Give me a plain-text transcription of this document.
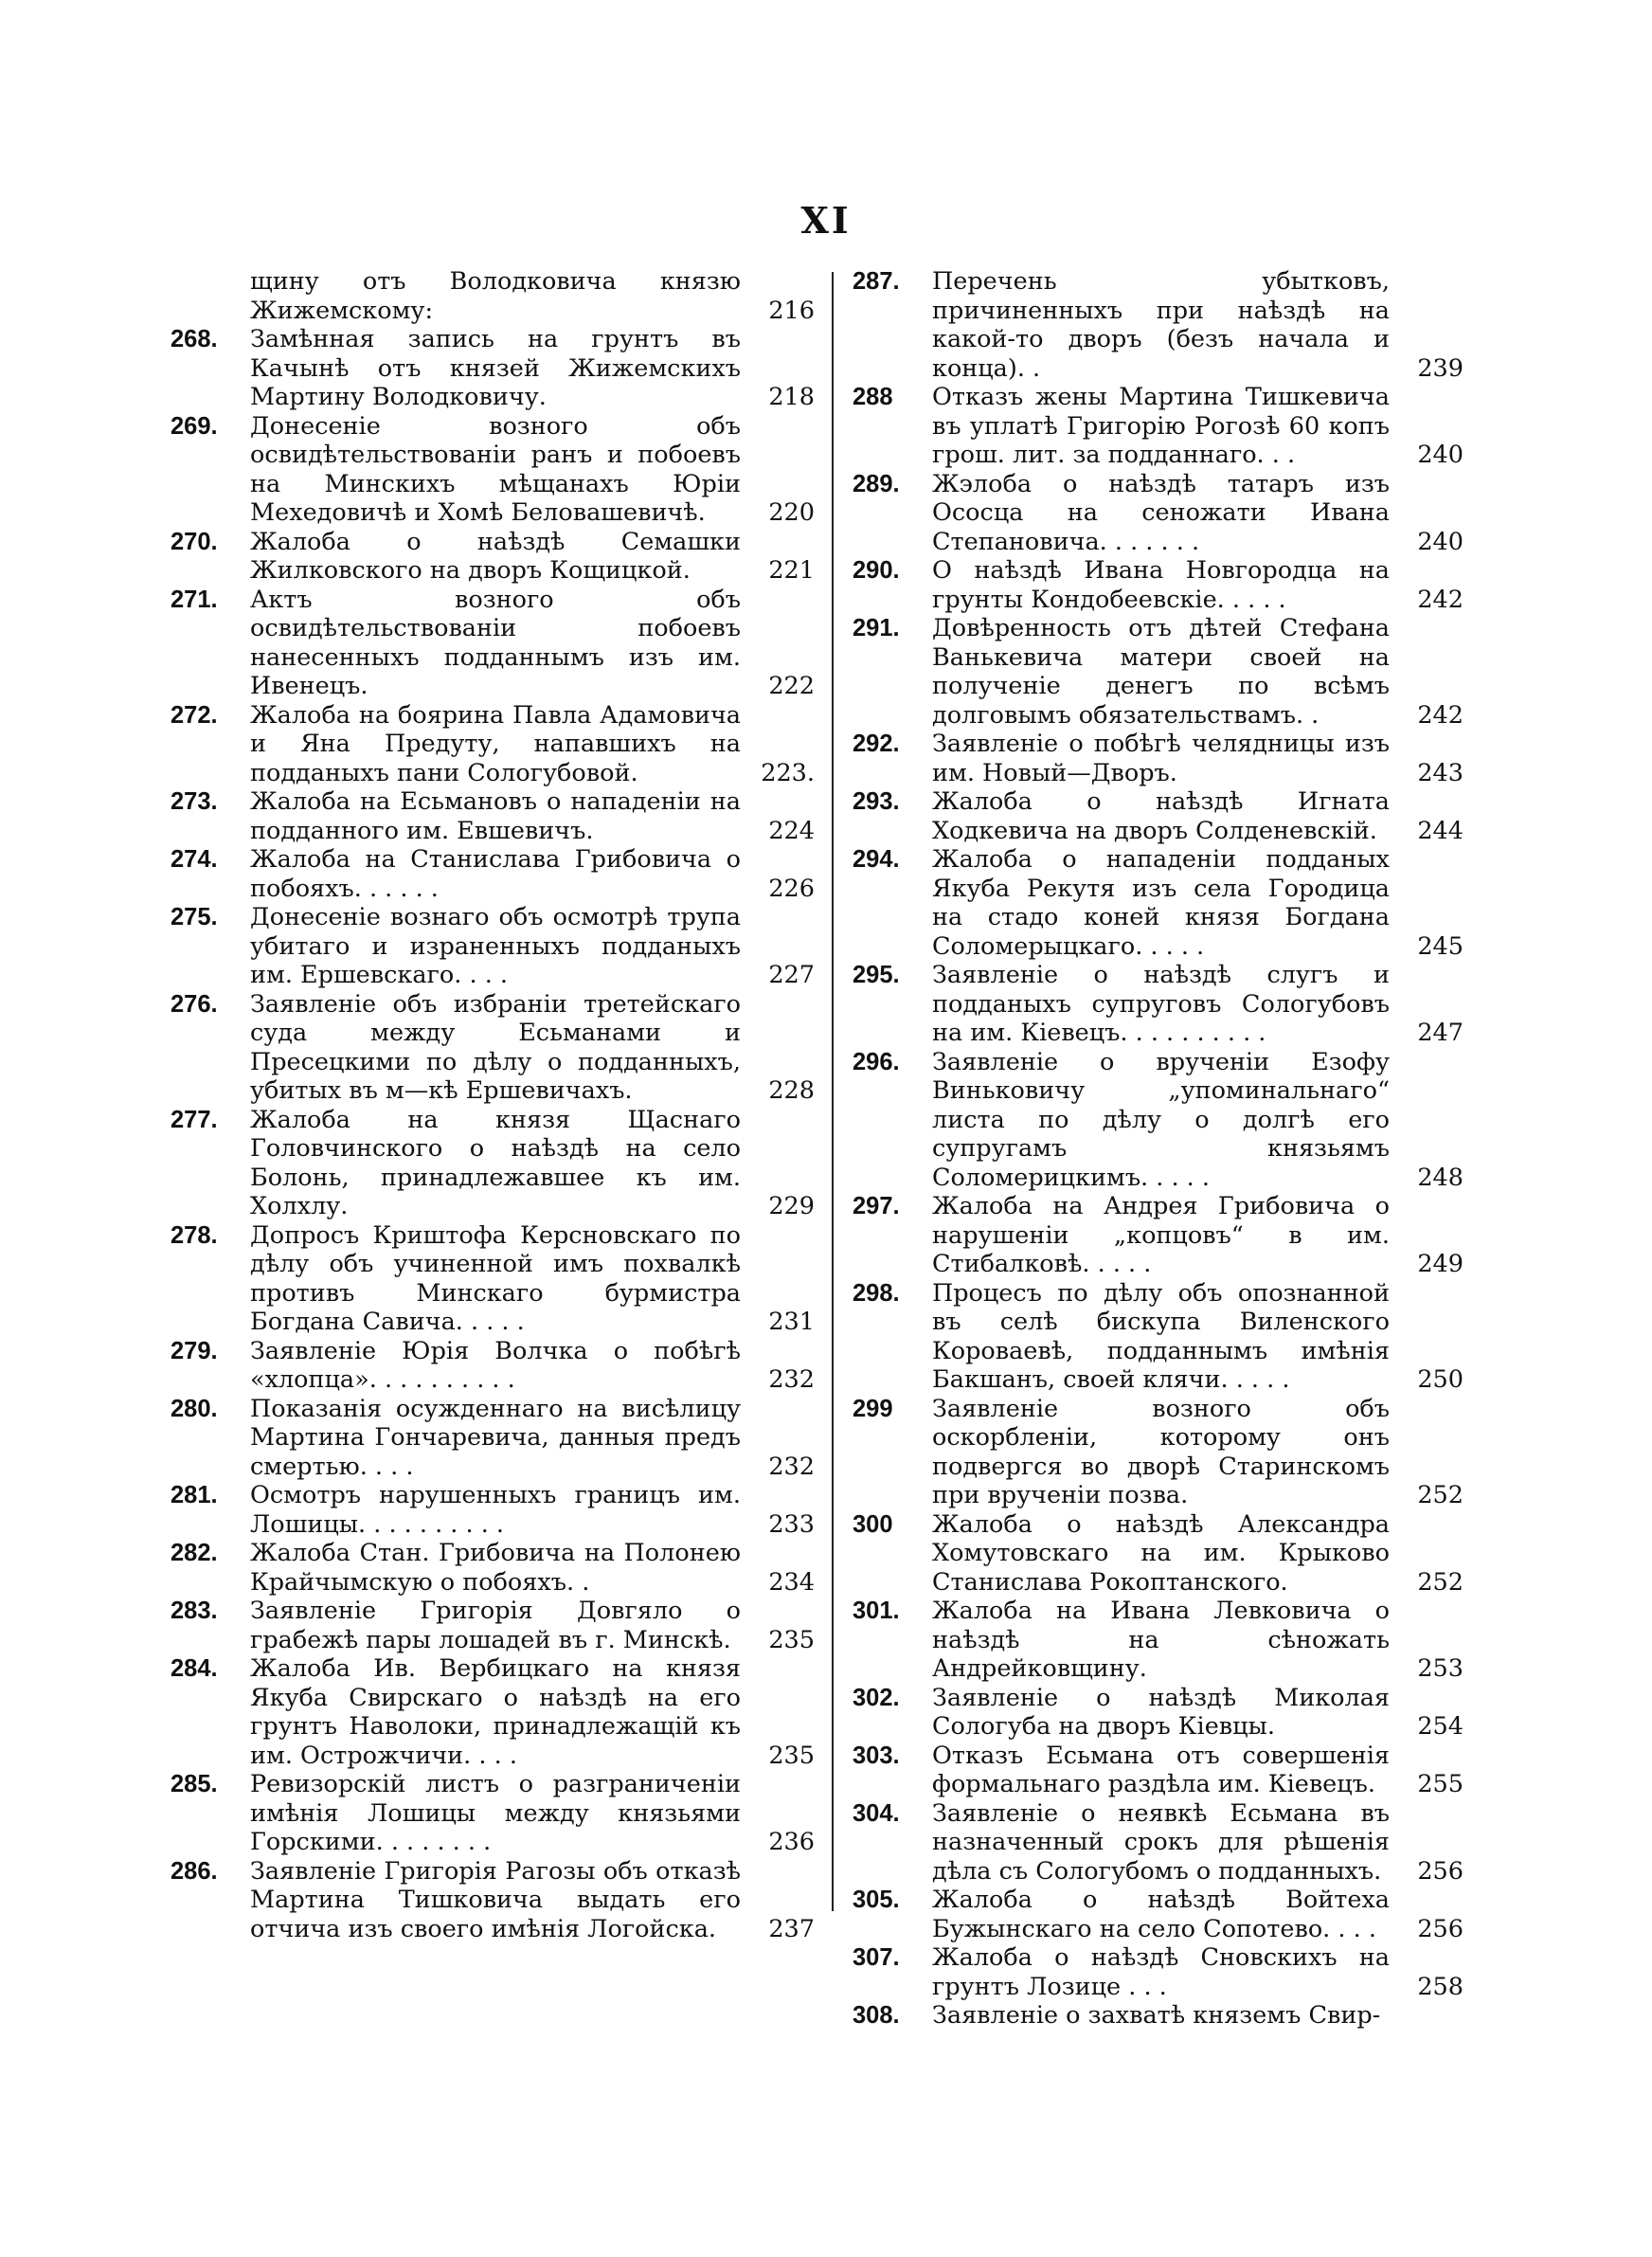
XI
щину отъ Володковича князю Жижемскому:	216
268.	Замѣнная запись на грунтъ въ Качынѣ отъ князей Жижемскихъ Мартину Володковичу.	218
269.	Донесеніе возного объ освидѣтельствованіи ранъ и побоевъ на Минскихъ мѣщанахъ Юріи Мехедовичѣ и Хомѣ Беловашевичѣ.	220
270.	Жалоба о наѣздѣ Семашки Жилковского на дворъ Кощицкой.	221
271.	Актъ возного объ освидѣтельствованіи побоевъ нанесенныхъ подданнымъ изъ им. Ивенецъ.	222
272.	Жалоба на боярина Павла Адамовича и Яна Предуту, напавшихъ на подданыхъ пани Сологубовой.	223.
273.	Жалоба на Есьмановъ о нападеніи на подданного им. Евшевичъ.	224
274.	Жалоба на Станислава Грибовича о побояхъ. . . . . .	226
275.	Донесеніе вознаго объ осмотрѣ трупа убитаго и израненныхъ подданыхъ им. Ершевскаго. . . .	227
276.	Заявленіе объ избраніи третейскаго суда между Есьманами и Пресецкими по дѣлу о подданныхъ, убитых въ м—кѣ Ершевичахъ.	228
277.	Жалоба на князя Щаснаго Головчинского о наѣздѣ на село Болонь, принадлежавшее къ им. Холхлу.	229
278.	Допросъ Криштофа Керсновскаго по дѣлу объ учиненной имъ похвалкѣ противъ Минскаго бурмистра Богдана Савича. . . . .	231
279.	Заявленіе Юрія Волчка о побѣгѣ «хлопца». . . . . . . . . .	232
280.	Показанія осужденнаго на висѣлицу Мартина Гончаревича, данныя предъ смертью. . . .	232
281.	Осмотръ нарушенныхъ границъ им. Лошицы. . . . . . . . . .	233
282.	Жалоба Стан. Грибовича на Полонею Крайчымскую о побояхъ. .	234
283.	Заявленіе Григорія Довгяло о грабежѣ пары лошадей въ г. Минскѣ.	235
284.	Жалоба Ив. Вербицкаго на князя Якуба Свирскаго о наѣздѣ на его грунтъ Наволоки, принадлежащій къ им. Острожчичи. . . .	235
285.	Ревизорскій листъ о разграниченіи имѣнія Лошицы между князьями Горскими. . . . . . . .	236
286.	Заявленіе Григорія Рагозы объ отказѣ Мартина Тишковича выдать его отчича изъ своего имѣнія Логойска.	237
287.	Перечень убытковъ, причиненныхъ при наѣздѣ на какой-то дворъ (безъ начала и конца). .	239
288	Отказъ жены Мартина Тишкевича въ уплатѣ Григорію Рогозѣ 60 копъ грош. лит. за подданнаго. . .	240
289.	Жэлоба о наѣздѣ татаръ изъ Ососца на сеножати Ивана Степановича. . . . . . .	240
290.	О наѣздѣ Ивана Новгородца на грунты Кондобеевскіе. . . . .	242
291.	Довѣренность отъ дѣтей Стефана Ванькевича матери своей на полученіе денегъ по всѣмъ долговымъ обязательствамъ. .	242
292.	Заявленіе о побѣгѣ челядницы изъ им. Новый—Дворъ.	243
293.	Жалоба о наѣздѣ Игната Ходкевича на дворъ Солденевскій.	244
294.	Жалоба о нападеніи подданых Якуба Рекутя изъ села Городица на стадо коней князя Богдана Соломерыцкаго. . . . .	245
295.	Заявленіе о наѣздѣ слугъ и подданыхъ супруговъ Сологубовъ на им. Кіевецъ. . . . . . . . . .	247
296.	Заявленіе о врученіи Езофу Виньковичу „упоминальнаго“ листа по дѣлу о долгѣ его супругамъ князьямъ Соломерицкимъ. . . . .	248
297.	Жалоба на Андрея Грибовича о нарушеніи „копцовъ“ в им. Стибалковѣ. . . . .	249
298.	Процесъ по дѣлу объ опознанной въ селѣ бискупа Виленского Короваевѣ, подданнымъ имѣнія Бакшанъ, своей клячи. . . . .	250
299	Заявленіе возного объ оскорбленіи, которому онъ подвергся во дворѣ Старинскомъ при врученіи позва.	252
300	Жалоба о наѣздѣ Александра Хомутовскаго на им. Крыково Станислава Рокоптанского.	252
301.	Жалоба на Ивана Левковича о наѣздѣ на сѣножать Андрейковщину.	253
302.	Заявленіе о наѣздѣ Миколая Сологуба на дворъ Кіевцы.	254
303.	Отказъ Есьмана отъ совершенія формальнаго раздѣла им. Кіевецъ.	255
304.	Заявленіе о неявкѣ Есьмана въ назначенный срокъ для рѣшенія дѣла съ Сологубомъ о подданныхъ.	256
305.	Жалоба о наѣздѣ Войтеха Бужынскаго на село Сопотево. . . .	256
307.	Жалоба о наѣздѣ Сновскихъ на грунтъ Лозицe . . .	258
308.	Заявленіе о захватѣ княземъ Свир-
